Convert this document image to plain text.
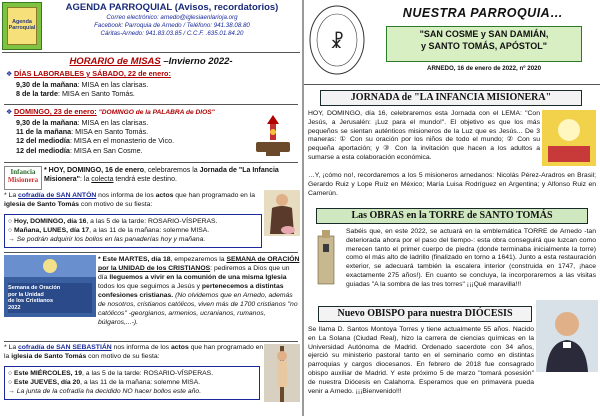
Agenda
Parroquial
AGENDA PARROQUIAL (Avisos, recordatorios)
Correo electrónico: arnedo@iglesiaenlarioja.org
Facebook: Parroquia de Arnedo / Teléfono: 941.38.08.80
Cáritas-Arnedo: 941.83.03.85 / C.C.F. .635.01.84.20
HORARIO de MISAS –Invierno 2022-
❖ DÍAS LABORABLES y SÁBADO, 22 de enero:
9,30 de la mañana: MISA en las clarisas.
8 de la tarde: MISA en Santo Tomás.
❖ DOMINGO, 23 de enero: "DOMINGO de la PALABRA de DIOS"
9,30 de la mañana: MISA en las clarisas.
11 de la mañana: MISA en Santo Tomás.
12 del mediodía: MISA en el monasterio de Vico.
12 del mediodía: MISA en San Cosme.
Infancia
Misionera
* HOY, DOMINGO, 16 de enero, celebraremos la Jornada de "La Infancia Misionera": la colecta tendrá este destino.
* La cofradía de SAN ANTÓN nos informa de los actos que han programado en la iglesia de Santo Tomás con motivo de su fiesta:
○ Hoy, DOMINGO, día 16, a las 5 de la tarde: ROSARIO-VÍSPERAS.
○ Mañana, LUNES, día 17, a las 11 de la mañana: solemne MISA.
→ Se podrán adquirir los bollos en las panaderías hoy y mañana.
Semana de Oración
por la Unidad
de los Cristianos
2022
* Este MARTES, día 18, empezaremos la SEMANA de ORACIÓN por la UNIDAD de los CRISTIANOS: pediremos a Dios que un día lleguemos a vivir en la comunión de una misma Iglesia todos los que seguimos a Jesús y pertenecemos a distintas confesiones cristianas. (No olvidemos que en Arnedo, además de nosotros, cristianos católicos, viven más de 1700 cristianos "no católicos" -georgianos, armenios, ucranianos, rumanos, búlgaros,...-).
* La cofradía de SAN SEBASTIÁN nos informa de los actos que han programado en la iglesia de Santo Tomás con motivo de su fiesta:
○ Este MIÉRCOLES, 19, a las 5 de la tarde: ROSARIO-VÍSPERAS.
○ Este JUEVES, día 20, a las 11 de la mañana: solemne MISA.
→ La junta de la cofradía ha decidido NO hacer bollos este año.
☧
NUESTRA PARROQUIA…
"SAN COSME y SAN DAMIÁN,
y SANTO TOMÁS, APÓSTOL"
ARNEDO, 16 de enero de 2022, nº 2020
JORNADA de "LA INFANCIA MISIONERA"
HOY, DOMINGO, día 16, celebraremos esta Jornada con el LEMA: "Con Jesús, a Jerusalén: ¡Luz para el mundo!". El objetivo es que los más pequeños se sientan auténticos misioneros de la Luz que es Jesús... De 3 maneras: ① Con su oración por los niños de todo el mundo; ② Con su pequeña aportación; y ③ Con la invitación que hacen a los adultos a sumarse a esta colaboración económica.
…Y, ¡cómo no!, recordaremos a los 5 misioneros arnedanos: Nicolás Pérez-Aradros en Brasil; Gerardo Ruiz y Lope Ruiz en México; María Luisa Rodríguez en Argentina; y Alfonso Ruiz en Camerún.
Las OBRAS en la TORRE de SANTO TOMÁS
Sabéis que, en este 2022, se actuará en la emblemática TORRE de Arnedo -tan deteriorada ahora por el paso del tiempo-: esta obra conseguirá que luzcan como merecen tanto el primer cuerpo de piedra (donde terminaba inicialmente la torre) como el más alto de ladrillo (finalizado en torno a 1641). Junto a esta restauración exterior, se adecuará también la escalera interior (construida en 1747, ¡hace exactamente 275 años!). En cuanto se concluya, la incorporaremos a las visitas guiadas "A la sombra de las tres torres" ¡¡¡Qué maravilla!!!
Nuevo OBISPO para nuestra DIÓCESIS
Se llama D. Santos Montoya Torres y tiene actualmente 55 años. Nacido en La Solana (Ciudad Real), hizo la carrera de ciencias químicas en la Universidad Autónoma de Madrid. Ordenado sacerdote con 34 años, ejerció su ministerio pastoral tanto en el seminario como en distintas parroquias y cargos diocesanos. En febrero de 2018 fue consagrado obispo auxiliar de Madrid. Y este próximo 5 de marzo "tomará posesión" de nuestra Diócesis en Calahorra. Esperamos que en primavera pueda venir a Arnedo. ¡¡¡Bienvenido!!!
